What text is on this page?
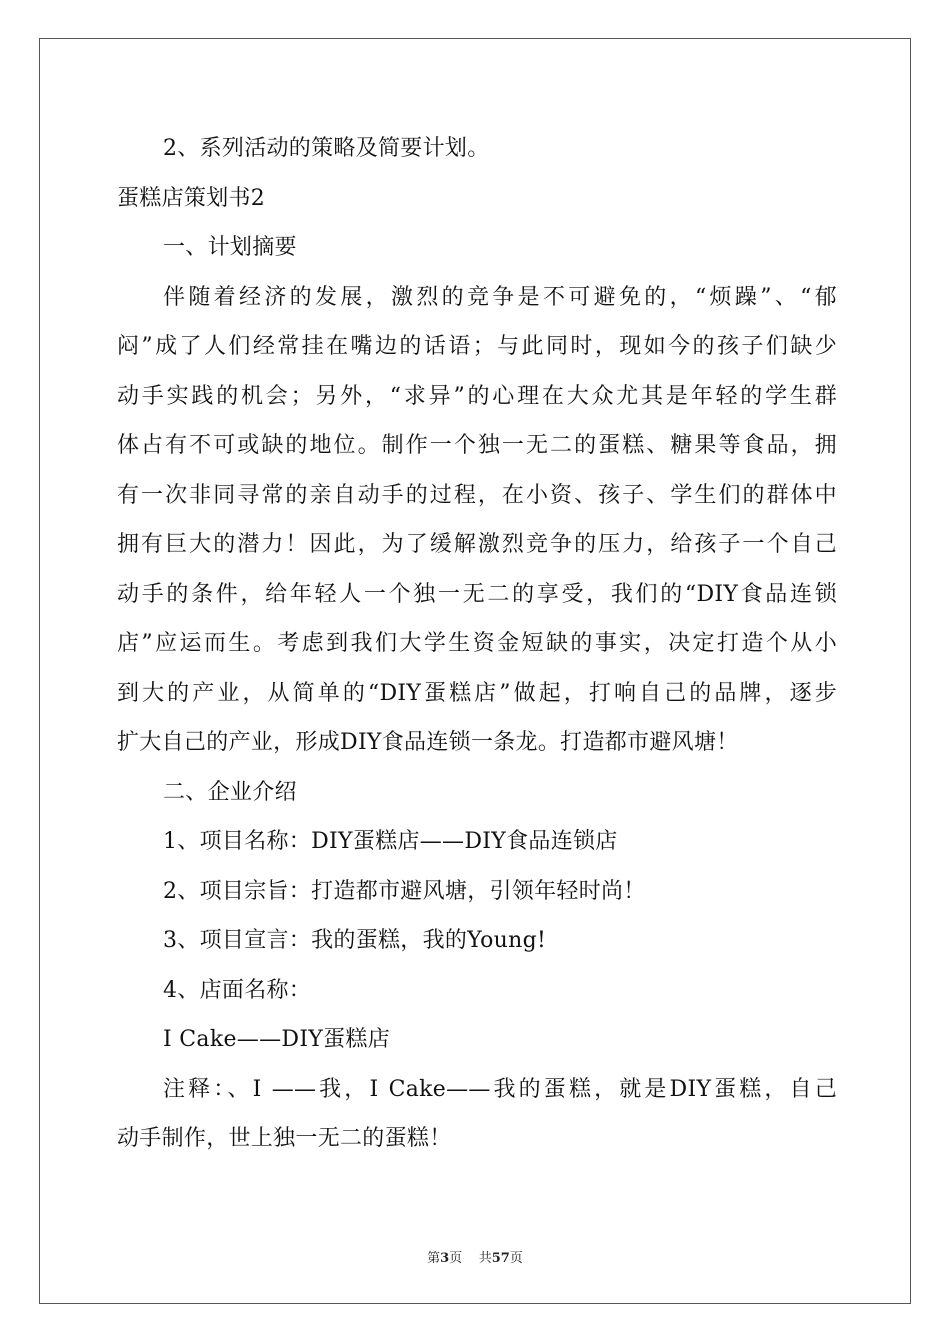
2、系列活动的策略及简要计划。
蛋糕店策划书2
一、计划摘要
伴随着经济的发展，激烈的竞争是不可避免的，“烦躁”、“郁
闷”成了人们经常挂在嘴边的话语；与此同时，现如今的孩子们缺少
动手实践的机会；另外，“求异”的心理在大众尤其是年轻的学生群
体占有不可或缺的地位。制作一个独一无二的蛋糕、糖果等食品，拥
有一次非同寻常的亲自动手的过程，在小资、孩子、学生们的群体中
拥有巨大的潜力！因此，为了缓解激烈竞争的压力，给孩子一个自己
动手的条件，给年轻人一个独一无二的享受，我们的“DIY食品连锁
店”应运而生。考虑到我们大学生资金短缺的事实，决定打造个从小
到大的产业，从简单的“DIY蛋糕店”做起，打响自己的品牌，逐步
扩大自己的产业，形成DIY食品连锁一条龙。打造都市避风塘！
二、企业介绍
1、项目名称：DIY蛋糕店——DIY食品连锁店
2、项目宗旨：打造都市避风塘，引领年轻时尚！
3、项目宣言：我的蛋糕，我的Young!
4、店面名称：
I Cake——DIY蛋糕店
注释：、I ——我，I Cake——我的蛋糕，就是DIY蛋糕，自己
动手制作，世上独一无二的蛋糕！
第3页 共57页
